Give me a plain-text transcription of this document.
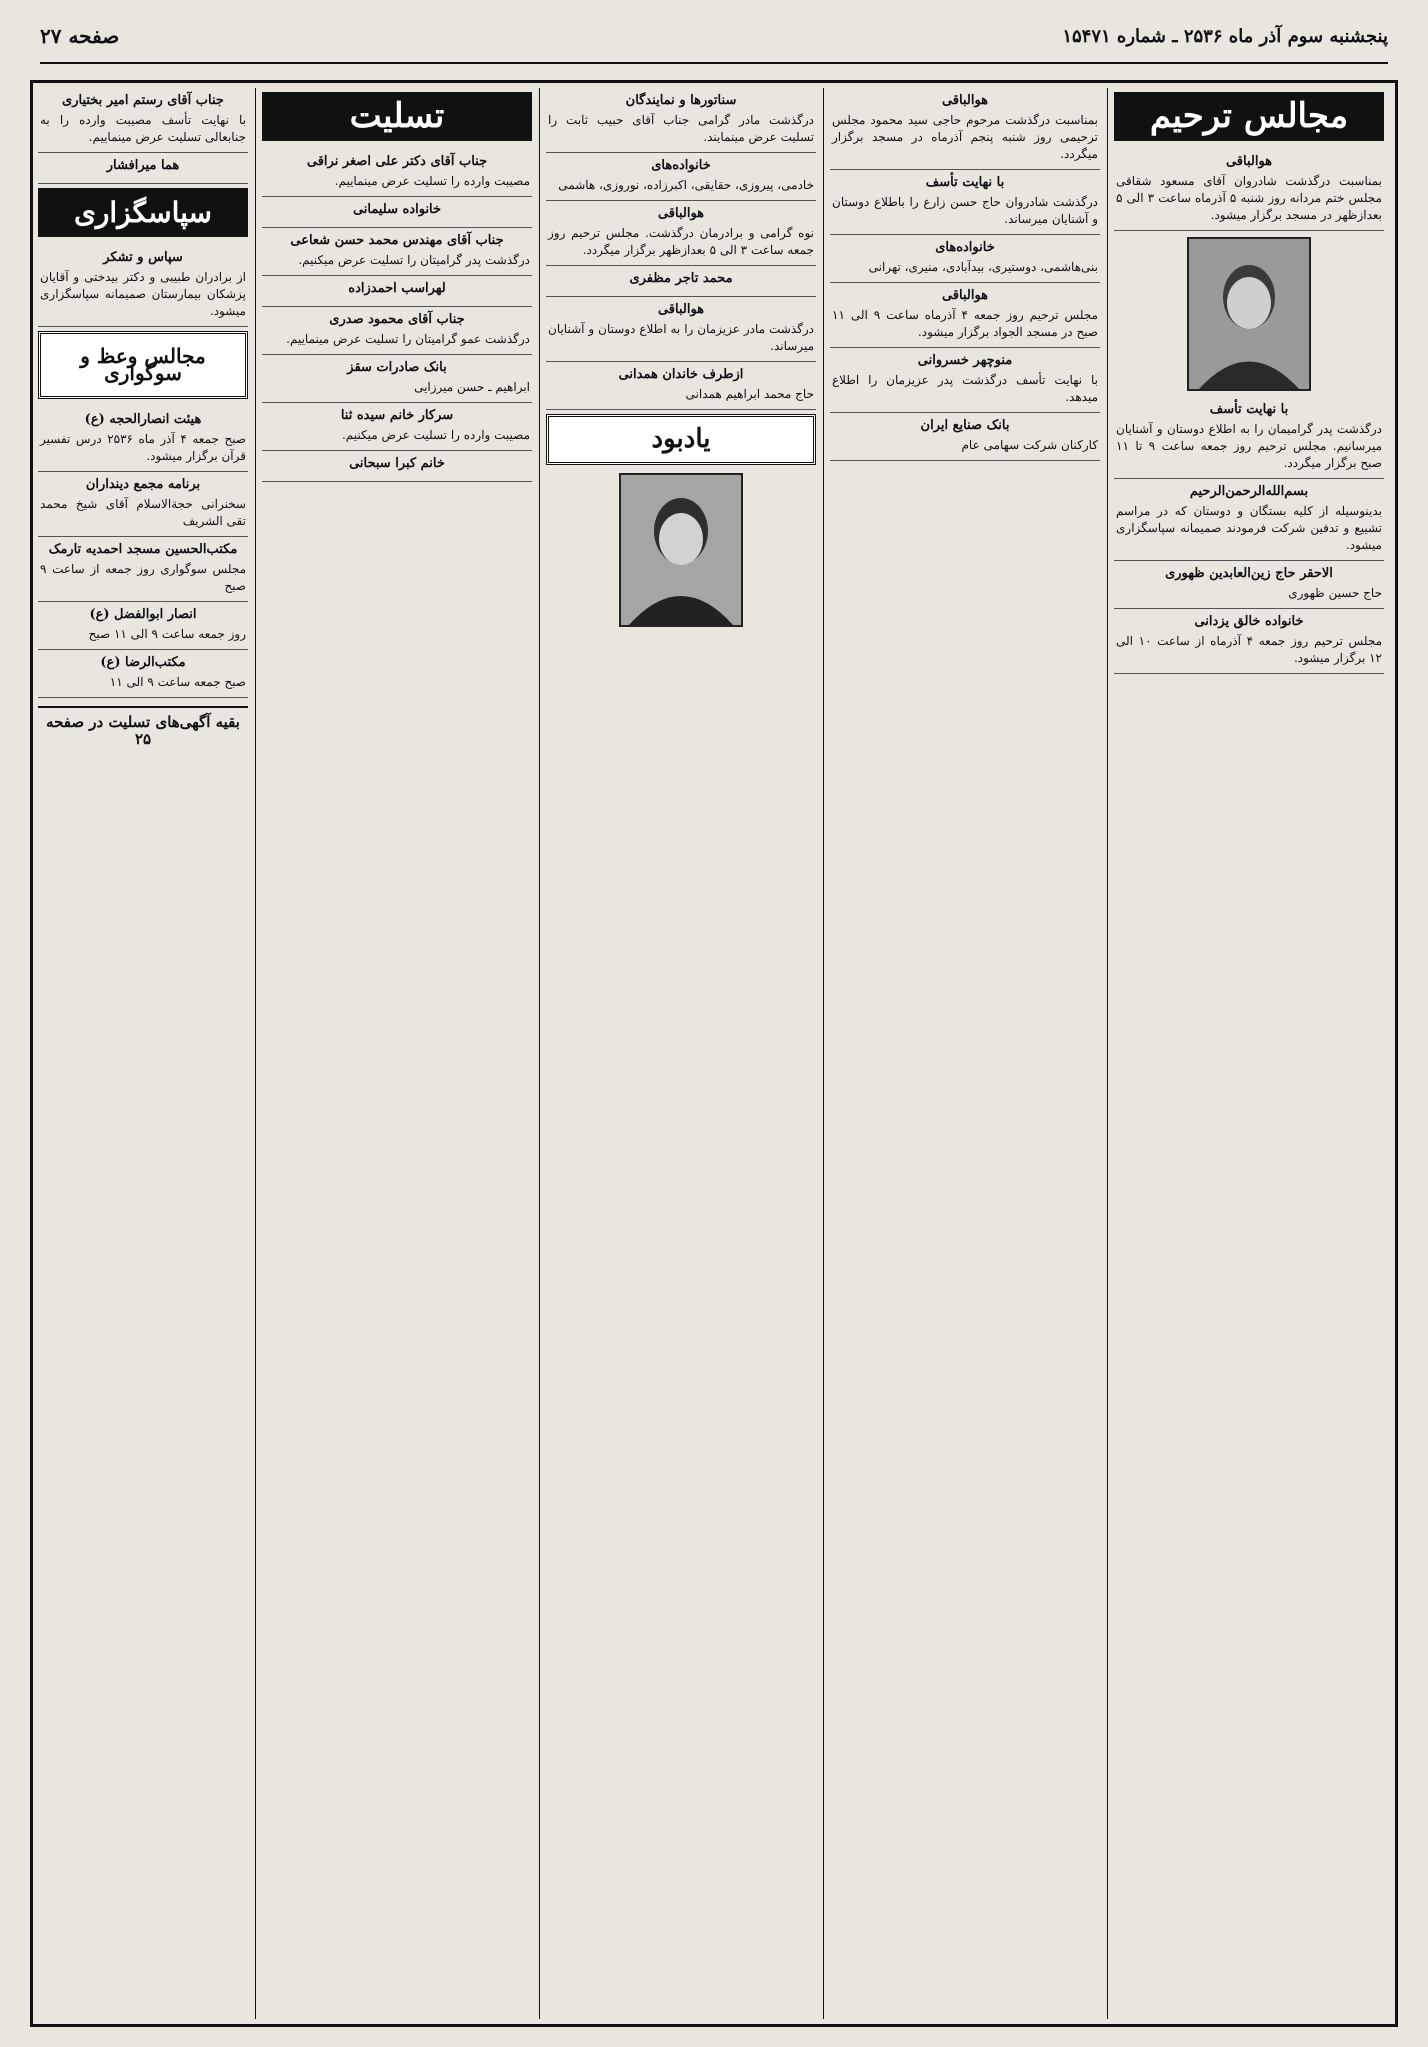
پنجشنبه سوم آذر ماه ۲۵۳۶ ـ شماره ۱۵۴۷۱
صفحه ۲۷
مجالس ترحیم
هوالباقی

بمناسبت درگذشت شادروان آقای مسعود شقاقی مجلس ختم مردانه روز شنبه ۵ آذرماه ساعت ۳ الی ۵ بعدازظهر در مسجد برگزار میشود.

با نهایت تأسف

درگذشت پدر گرامیمان را به اطلاع دوستان و آشنایان میرسانیم. مجلس ترحیم روز جمعه ساعت ۹ تا ۱۱ صبح برگزار میگردد.

بسم‌الله‌الرحمن‌الرحیم

بدینوسیله از کلیه بستگان و دوستان که در مراسم تشییع و تدفین شرکت فرمودند صمیمانه سپاسگزاری میشود.

الاحقر حاج زین‌العابدین ظهوری

حاج حسین ظهوری

خانواده خالق یزدانی

مجلس ترحیم روز جمعه ۴ آذرماه از ساعت ۱۰ الی ۱۲ برگزار میشود.

هوالباقی

بمناسبت درگذشت مرحوم حاجی سید محمود مجلس ترحیمی روز شنبه پنجم آذرماه در مسجد برگزار میگردد.

با نهایت تأسف

درگذشت شادروان حاج حسن زارع را باطلاع دوستان و آشنایان میرساند.

خانواده‌های

بنی‌هاشمی، دوستیری، بیدآبادی، منیری، تهرانی

هوالباقی

مجلس ترحیم روز جمعه ۴ آذرماه ساعت ۹ الی ۱۱ صبح در مسجد الجواد برگزار میشود.

منوچهر خسروانی

با نهایت تأسف درگذشت پدر عزیزمان را اطلاع میدهد.

بانک صنایع ایران

کارکنان شرکت سهامی عام

سناتورها و نمایندگان

درگذشت مادر گرامی جناب آقای حبیب ثابت را تسلیت عرض مینمایند.

خانواده‌های

خادمی، پیروزی، حقایقی، اکبرزاده، نوروزی، هاشمی

هوالباقی

نوه گرامی و برادرمان درگذشت. مجلس ترحیم روز جمعه ساعت ۳ الی ۵ بعدازظهر برگزار میگردد.

محمد تاجر مظفری

هوالباقی

درگذشت مادر عزیزمان را به اطلاع دوستان و آشنایان میرساند.

ازطرف خاندان همدانی

حاج محمد ابراهیم همدانی

یادبود
تسلیت
جناب آقای دکتر علی اصغر نراقی

مصیبت وارده را تسلیت عرض مینماییم.

خانواده سلیمانی

جناب آقای مهندس محمد حسن شعاعی

درگذشت پدر گرامیتان را تسلیت عرض میکنیم.

لهراسب احمدزاده

جناب آقای محمود صدری

درگذشت عمو گرامیتان را تسلیت عرض مینماییم.

بانک صادرات سقز

ابراهیم ـ حسن میرزایی

سرکار خانم سیده ثنا

مصیبت وارده را تسلیت عرض میکنیم.

خانم کبرا سبحانی

جناب آقای رستم امیر بختیاری

با نهایت تأسف مصیبت وارده را به جنابعالی تسلیت عرض مینماییم.

هما میرافشار

سپاسگزاری
سپاس و تشکر

از برادران طبیبی و دکتر بیدختی و آقایان پزشکان بیمارستان صمیمانه سپاسگزاری میشود.

مجالس وعظ و سوگواری
هیئت انصارالحجه (ع)

صبح جمعه ۴ آذر ماه ۲۵۳۶ درس تفسیر قرآن برگزار میشود.

برنامه مجمع دینداران

سخنرانی حجةالاسلام آقای شیخ محمد تقی الشریف

مکتب‌الحسین مسجد احمدیه تارمک

مجلس سوگواری روز جمعه از ساعت ۹ صبح

انصار ابوالفضل (ع)

روز جمعه ساعت ۹ الی ۱۱ صبح

مکتب‌الرضا (ع)

صبح جمعه ساعت ۹ الی ۱۱

بقیه آگهی‌های تسلیت در صفحه ۲۵
